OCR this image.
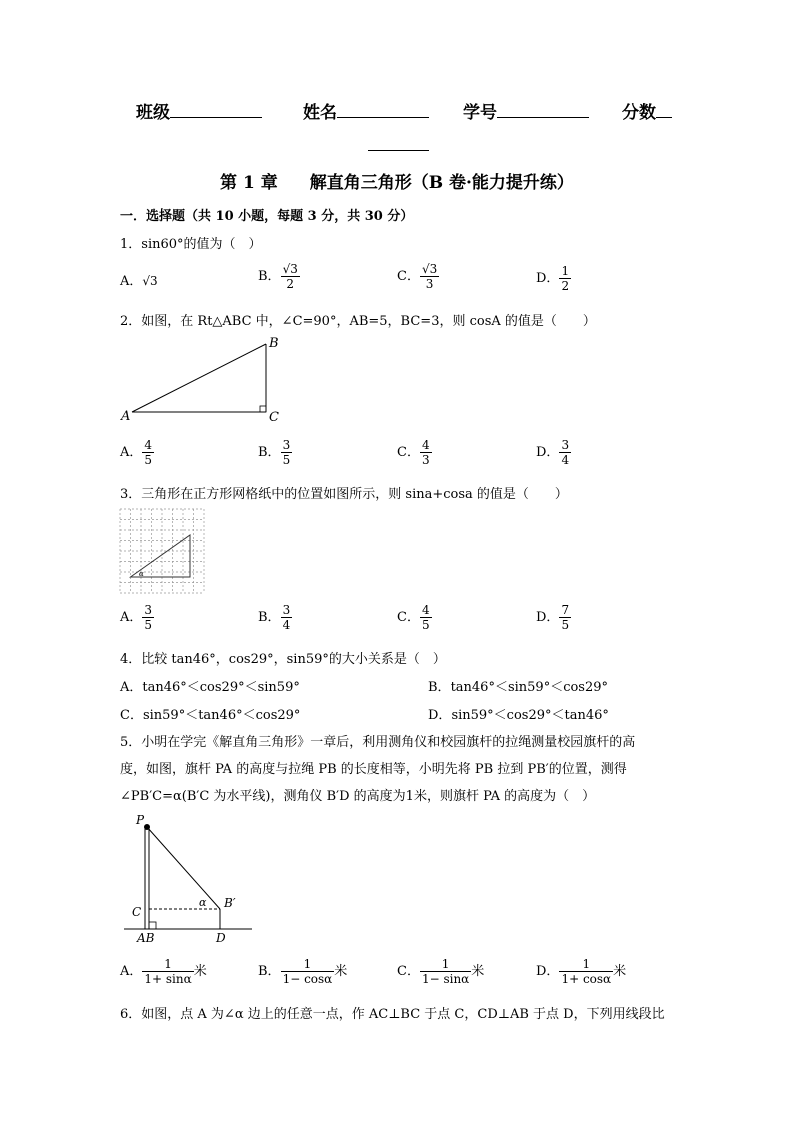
班级	姓名	学号	分数
第 1 章 解直角三角形（B 卷·能力提升练）
一．选择题（共 10 小题，每题 3 分，共 30 分）
1．sin60°的值为（　）
A．√3	B． $\frac{√3}{2}$	C． $\frac{√3}{3}$	D． $\frac{1}{2}$
2．如图，在 Rt△ABC 中，∠C=90°，AB=5，BC=3，则 cosA 的值是（　　）
A
B
C
A． $\frac{4}{5}$	B． $\frac{3}{5}$	C． $\frac{4}{3}$	D． $\frac{3}{4}$
3．三角形在正方形网格纸中的位置如图所示，则 sina+cosa 的值是（　　）
α
A． $\frac{3}{5}$	B． $\frac{3}{4}$	C． $\frac{4}{5}$	D． $\frac{7}{5}$
4．比较 tan46°，cos29°，sin59°的大小关系是（　）
A．tan46°＜cos29°＜sin59°	B．tan46°＜sin59°＜cos29°
C．sin59°＜tan46°＜cos29°	D．sin59°＜cos29°＜tan46°
5．小明在学完《解直角三角形》一章后，利用测角仪和校园旗杆的拉绳测量校园旗杆的高
度，如图，旗杆 PA 的高度与拉绳 PB 的长度相等，小明先将 PB 拉到 PB′的位置，测得
∠PB′C=α(B′C 为水平线)，测角仪 B′D 的高度为1米，则旗杆 PA 的高度为（　）
P
C
AB	D
B′
α
A． $\frac{1}{1+ \sin\alpha}$ 米	B． $\frac{1}{1- \cos\alpha}$ 米	C． $\frac{1}{1- \sin\alpha}$ 米	D． $\frac{1}{1+ \cos\alpha}$ 米
6．如图，点 A 为∠α 边上的任意一点，作 AC⊥BC 于点 C，CD⊥AB 于点 D，下列用线段比
